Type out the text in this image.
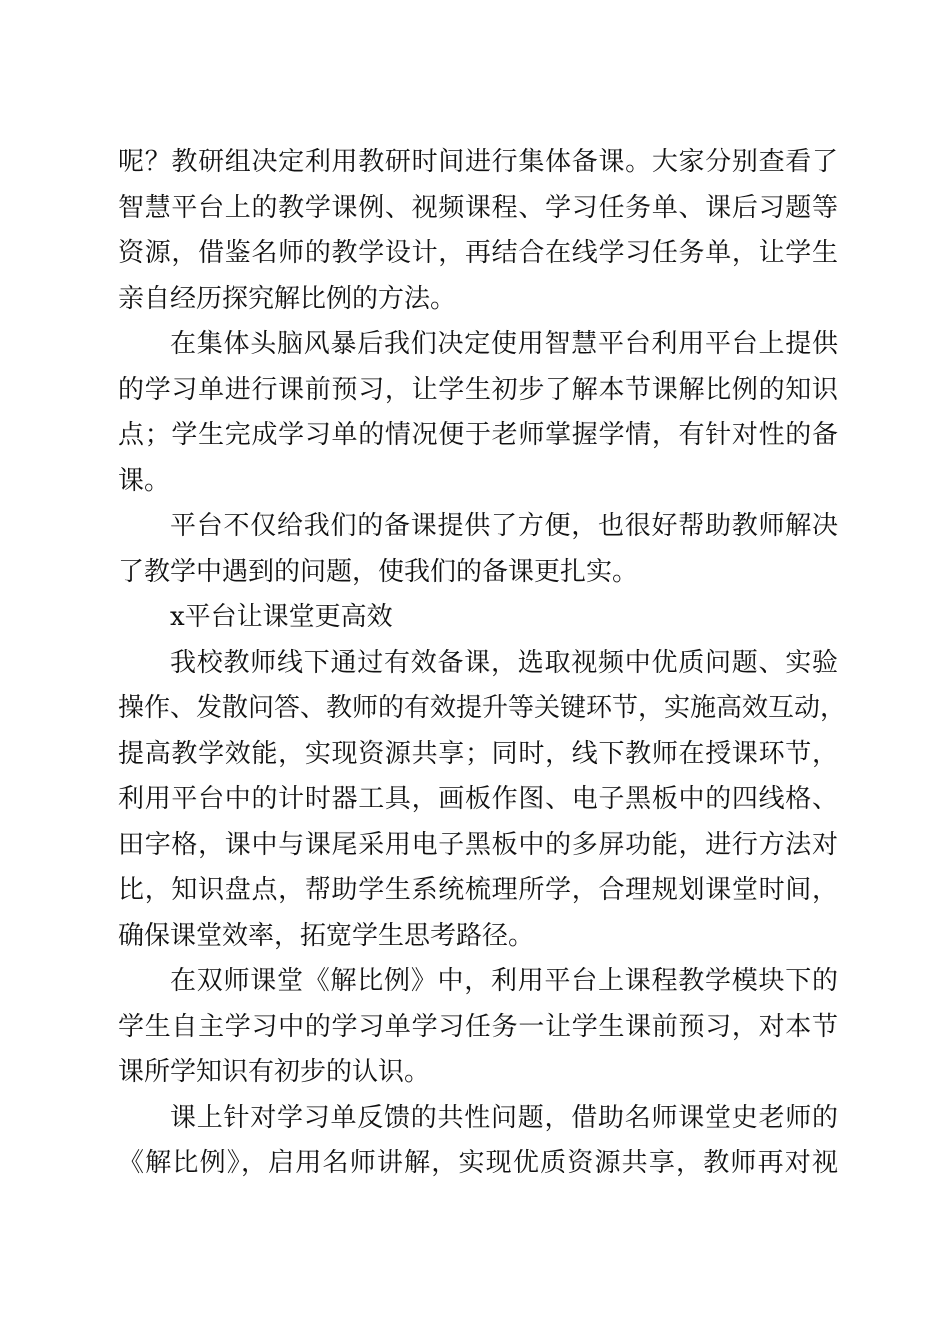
呢？教研组决定利用教研时间进行集体备课。大家分别查看了
智慧平台上的教学课例、视频课程、学习任务单、课后习题等
资源，借鉴名师的教学设计，再结合在线学习任务单，让学生
亲自经历探究解比例的方法。
在集体头脑风暴后我们决定使用智慧平台利用平台上提供
的学习单进行课前预习，让学生初步了解本节课解比例的知识
点；学生完成学习单的情况便于老师掌握学情，有针对性的备
课。
平台不仅给我们的备课提供了方便，也很好帮助教师解决
了教学中遇到的问题，使我们的备课更扎实。
x平台让课堂更高效
我校教师线下通过有效备课，选取视频中优质问题、实验
操作、发散问答、教师的有效提升等关键环节，实施高效互动，
提高教学效能，实现资源共享；同时，线下教师在授课环节，
利用平台中的计时器工具，画板作图、电子黑板中的四线格、
田字格，课中与课尾采用电子黑板中的多屏功能，进行方法对
比，知识盘点，帮助学生系统梳理所学，合理规划课堂时间，
确保课堂效率，拓宽学生思考路径。
在双师课堂《解比例》中，利用平台上课程教学模块下的
学生自主学习中的学习单学习任务一让学生课前预习，对本节
课所学知识有初步的认识。
课上针对学习单反馈的共性问题，借助名师课堂史老师的
《解比例》，启用名师讲解，实现优质资源共享，教师再对视
